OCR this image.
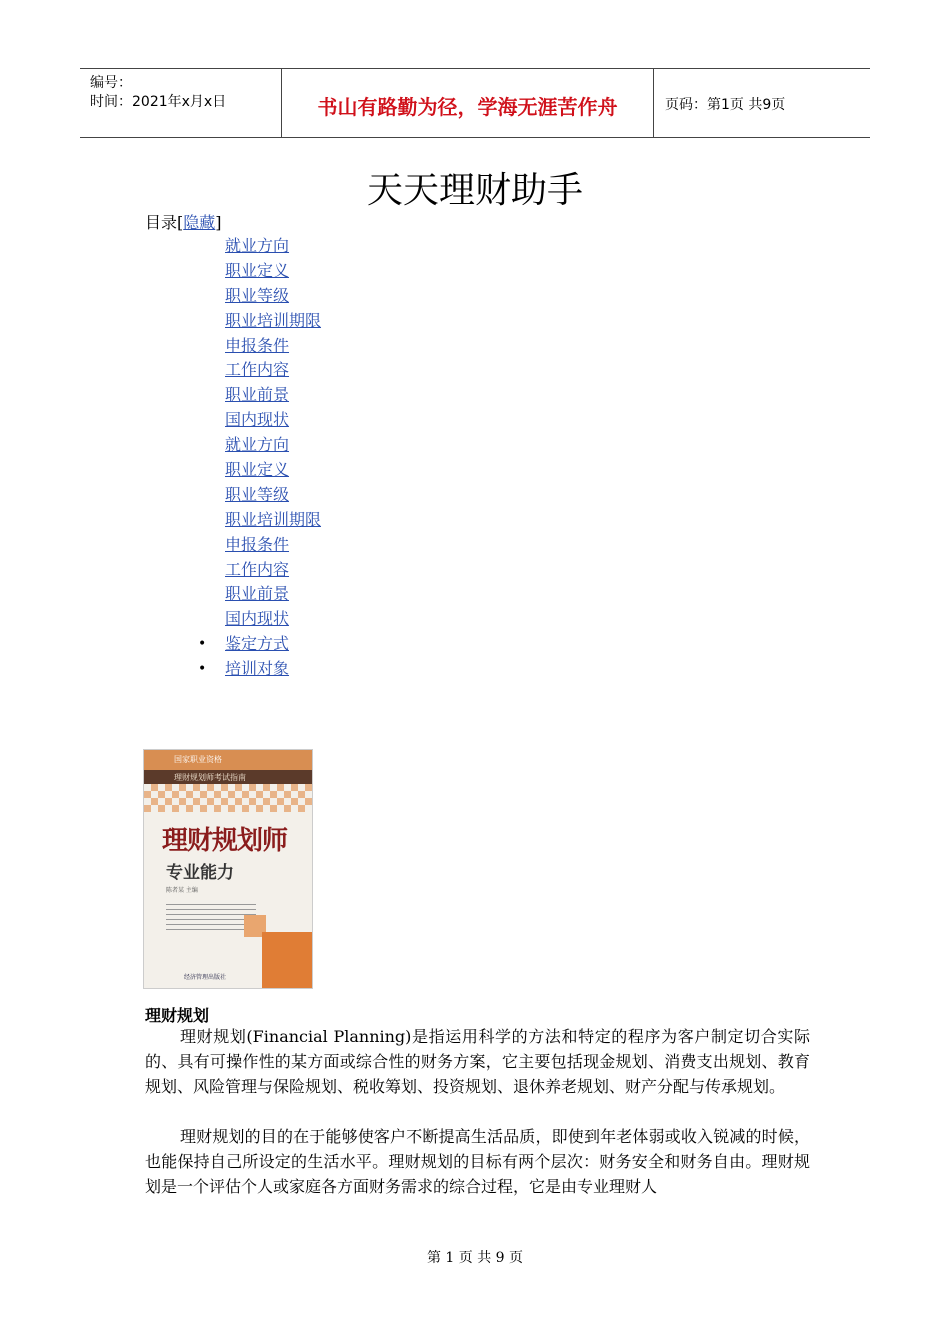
编号：
时间：2021年x月x日	书山有路勤为径，学海无涯苦作舟	页码：第1页 共9页
天天理财助手
目录[隐藏]
就业方向
职业定义
职业等级
职业培训期限
申报条件
工作内容
职业前景
国内现状
就业方向
职业定义
职业等级
职业培训期限
申报条件
工作内容
职业前景
国内现状
• 鉴定方式
• 培训对象
国家职业资格
理财规划师考试指南
理财规划师
专业能力
陈者某 主编
经济管理出版社
理财规划

理财规划(Financial Planning)是指运用科学的方法和特定的程序为客户制定切合实际的、具有可操作性的某方面或综合性的财务方案，它主要包括现金规划、消费支出规划、教育规划、风险管理与保险规划、税收筹划、投资规划、退休养老规划、财产分配与传承规划。

理财规划的目的在于能够使客户不断提高生活品质，即使到年老体弱或收入锐减的时候，也能保持自己所设定的生活水平。理财规划的目标有两个层次：财务安全和财务自由。理财规划是一个评估个人或家庭各方面财务需求的综合过程，它是由专业理财人

第 1 页 共 9 页
